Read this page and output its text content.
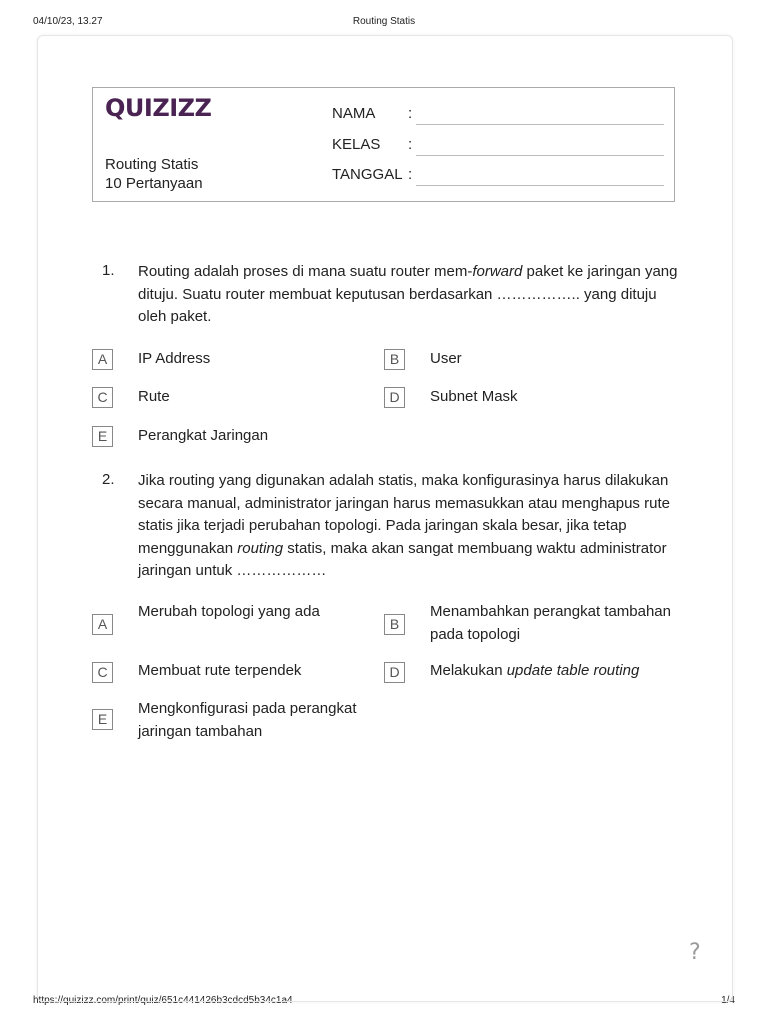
04/10/23, 13.27	Routing Statis
https://quizizz.com/print/quiz/651c441426b3cdcd5b34c1a4	1/4
QUIZIZZ
Routing Statis
10 Pertanyaan
NAMA :
KELAS :
TANGGAL :
1. Routing adalah proses di mana suatu router mem-forward paket ke jaringan yang dituju. Suatu router membuat keputusan berdasarkan …………….. yang dituju oleh paket.
A	IP Address	B	User
C	Rute	D	Subnet Mask
E	Perangkat Jaringan
2. Jika routing yang digunakan adalah statis, maka konfigurasinya harus dilakukan secara manual, administrator jaringan harus memasukkan atau menghapus rute statis jika terjadi perubahan topologi. Pada jaringan skala besar, jika tetap menggunakan routing statis, maka akan sangat membuang waktu administrator jaringan untuk ………………
A
Merubah topologi yang ada
B
Menambahkan perangkat tambahan pada topologi
C	Membuat rute terpendek	D	Melakukan update table routing
E
Mengkonfigurasi pada perangkat jaringan tambahan
?
